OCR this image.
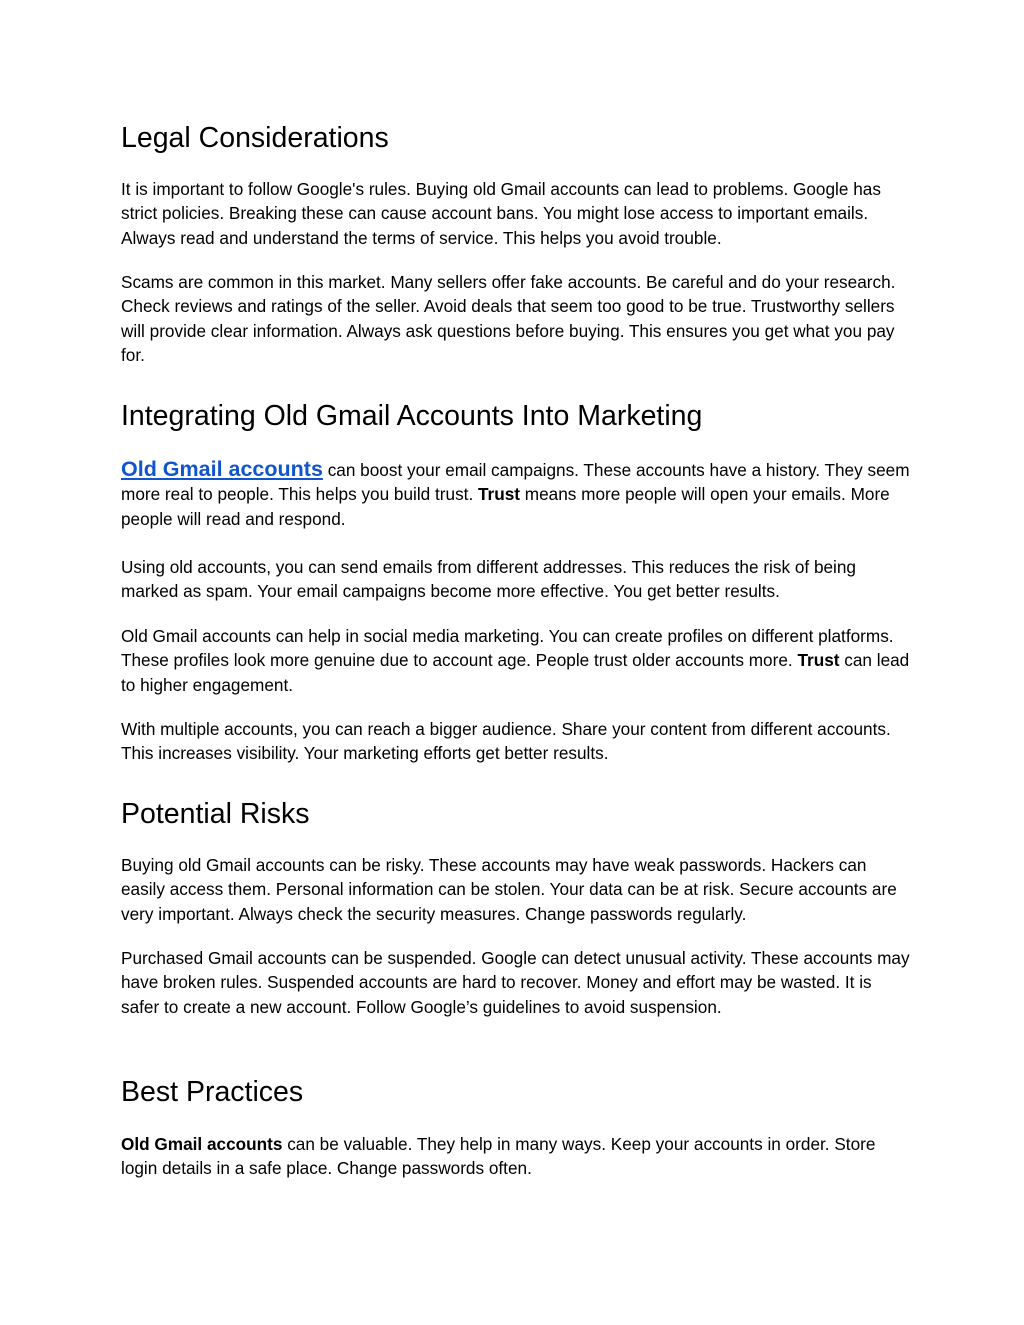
Legal Considerations

It is important to follow Google's rules. Buying old Gmail accounts can lead to problems. Google has strict policies. Breaking these can cause account bans. You might lose access to important emails. Always read and understand the terms of service. This helps you avoid trouble.

Scams are common in this market. Many sellers offer fake accounts. Be careful and do your research. Check reviews and ratings of the seller. Avoid deals that seem too good to be true. Trustworthy sellers will provide clear information. Always ask questions before buying. This ensures you get what you pay for.

Integrating Old Gmail Accounts Into Marketing

Old Gmail accounts can boost your email campaigns. These accounts have a history. They seem more real to people. This helps you build trust. Trust means more people will open your emails. More people will read and respond.

Using old accounts, you can send emails from different addresses. This reduces the risk of being marked as spam. Your email campaigns become more effective. You get better results.

Old Gmail accounts can help in social media marketing. You can create profiles on different platforms. These profiles look more genuine due to account age. People trust older accounts more. Trust can lead to higher engagement.

With multiple accounts, you can reach a bigger audience. Share your content from different accounts. This increases visibility. Your marketing efforts get better results.

Potential Risks

Buying old Gmail accounts can be risky. These accounts may have weak passwords. Hackers can easily access them. Personal information can be stolen. Your data can be at risk. Secure accounts are very important. Always check the security measures. Change passwords regularly.

Purchased Gmail accounts can be suspended. Google can detect unusual activity. These accounts may have broken rules. Suspended accounts are hard to recover. Money and effort may be wasted. It is safer to create a new account. Follow Google’s guidelines to avoid suspension.

Best Practices

Old Gmail accounts can be valuable. They help in many ways. Keep your accounts in order. Store login details in a safe place. Change passwords often.
